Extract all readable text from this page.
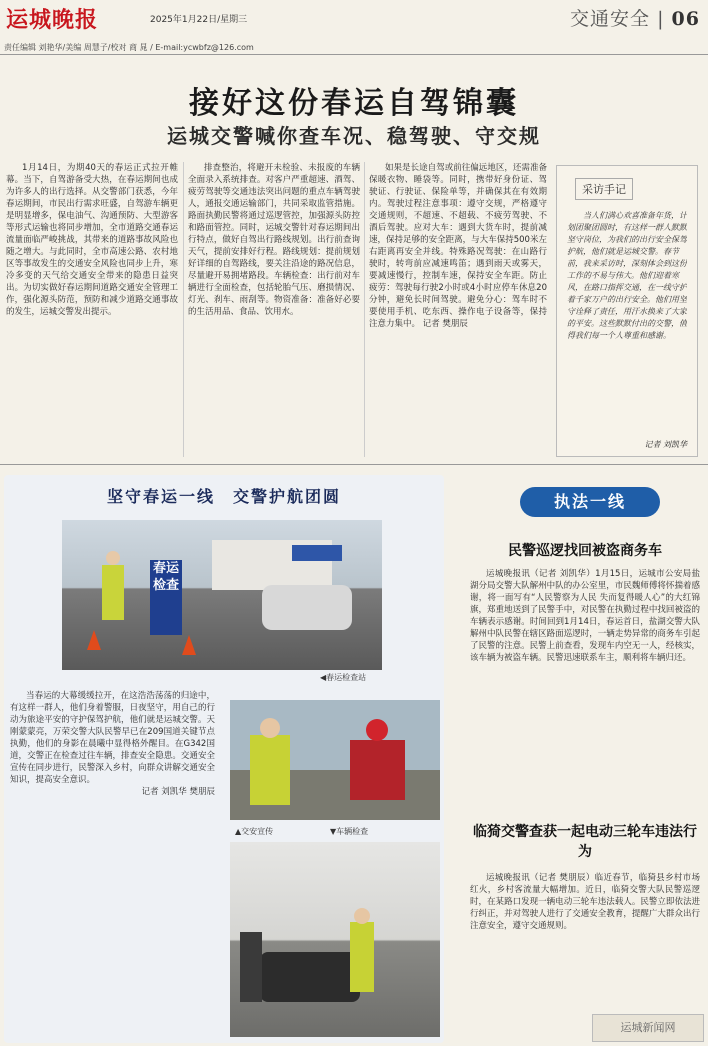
运城晚报	2025年1月22日/星期三	交通安全 | 06
责任编辑 刘艳华/美编 周慧子/校对 商 晁 / E-mail:ycwbfz@126.com
接好这份春运自驾锦囊
运城交警喊你查车况、稳驾驶、守交规

1月14日，为期40天的春运正式拉开帷幕。当下，自驾游备受大热，在春运期间也成为许多人的出行选择。从交警部门获悉，今年春运期间，市民出行需求旺盛，自驾游车辆更是明显增多，保电油气、沟通预防、大型游客等形式运输也将同步增加，全市道路交通春运流量面临严峻挑战，其带来的道路事故风险也随之增大。与此同时，全市高速公路、农村地区等事故发生的交通安全风险也同步上升，寒冷多变的天气给交通安全带来的隐患日益突出。为切实做好春运期间道路交通安全管理工作，强化源头防范，预防和减少道路交通事故的发生，运城交警发出提示。

排查整治，将避开未检验、未报废的车辆全面录入系统排查。对客户严重超速、酒驾、疲劳驾驶等交通违法突出问题的重点车辆驾驶人，通报交通运输部门，共同采取监管措施。路面执勤民警将通过巡逻管控，加强源头防控和路面管控。同时，运城交警针对春运期间出行特点，做好自驾出行路线规划。出行前查询天气，提前安排好行程。路线规划：提前规划好详细的自驾路线，要关注沿途的路况信息，尽量避开易拥堵路段。车辆检查：出行前对车辆进行全面检查，包括轮胎气压、磨损情况、灯光、刹车、雨刮等。物资准备：准备好必要的生活用品、食品、饮用水。

如果是长途自驾或前往偏远地区，还需准备保暖衣物、睡袋等。同时，携带好身份证、驾驶证、行驶证、保险单等，并确保其在有效期内。驾驶过程注意事项：遵守交规，严格遵守交通规则，不超速、不超载、不疲劳驾驶、不酒后驾驶。应对大车：遇到大货车时，提前减速，保持足够的安全距离，与大车保持500米左右距离再安全并线。特殊路况驾驶：在山路行驶时，转弯前应减速鸣笛；遇到雨天或雾天，要减速慢行，控制车速，保持安全车距。防止疲劳：驾驶每行驶2小时或4小时应停车休息20分钟，避免长时间驾驶。避免分心：驾车时不要使用手机、吃东西、操作电子设备等，保持注意力集中。 记者 樊朋辰

采访手记
当人们满心欢喜准备年货，计划团聚团圆时，有这样一群人默默坚守岗位，为我们的出行安全保驾护航，他们就是运城交警。春节前，我来采访时，深刻体会到这份工作的不易与伟大。他们迎着寒风，在路口指挥交通，在一线守护着千家万户的出行安全。他们用坚守诠释了责任，用汗水换来了大家的平安。这些默默付出的交警，值得我们每一个人尊重和感谢。
记者 刘凯华
坚守春运一线　交警护航团圆
春运检查
◀春运检查站

当春运的大幕缓缓拉开，在这浩浩荡荡的归途中，有这样一群人，他们身着警服，日夜坚守，用自己的行动为旅途平安的守护保驾护航，他们就是运城交警。天刚蒙蒙亮，万荣交警大队民警早已在209国道关键节点执勤，他们的身影在晨曦中显得格外醒目。在G342国道，交警正在检查过往车辆，排查安全隐患。交通安全宣传在同步进行，民警深入乡村，向群众讲解交通安全知识，提高安全意识。

记者 刘凯华 樊朋辰

▲交安宣传	▼车辆检查
执法一线
民警巡逻找回被盗商务车

运城晚报讯（记者 刘凯华）1月15日，运城市公安局盐湖分局交警大队解州中队的办公室里，市民魏师傅将怀揣着感谢，将一面写有“人民警察为人民 失而复得暖人心”的大红锦旗，郑重地送到了民警手中，对民警在执勤过程中找回被盗的车辆表示感谢。时间回到1月14日，春运首日，盐湖交警大队解州中队民警在辖区路面巡逻时，一辆走势异常的商务车引起了民警的注意。民警上前查看，发现车内空无一人，经核实，该车辆为被盗车辆。民警迅速联系车主，顺利将车辆归还。

临猗交警查获一起电动三轮车违法行为

运城晚报讯（记者 樊朋辰）临近春节，临猗县乡村市场红火，乡村客流量大幅增加。近日，临猗交警大队民警巡逻时，在某路口发现一辆电动三轮车违法载人。民警立即依法进行纠正，并对驾驶人进行了交通安全教育，提醒广大群众出行注意安全，遵守交通规则。

运城新闻网
